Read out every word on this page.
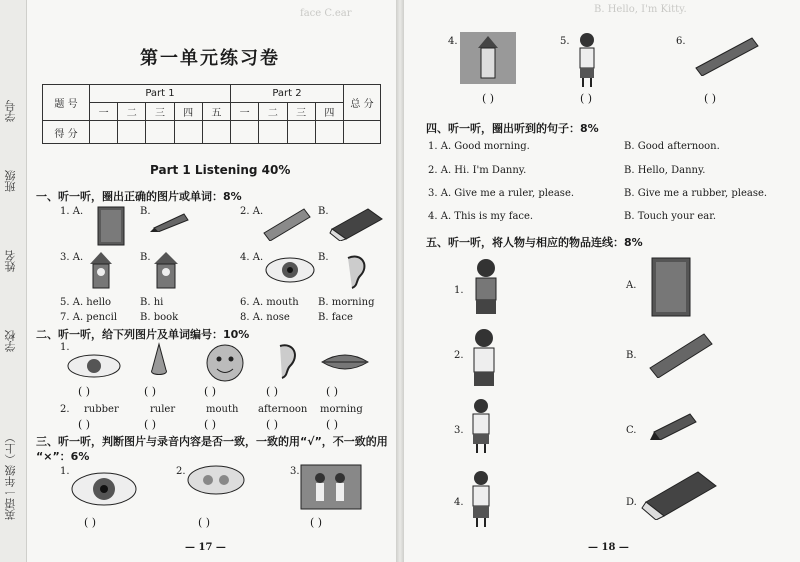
英语一年级（上）
学校
姓名
班级
学号
face C.ear
第一单元练习卷
题 号	Part 1					Part 2				总 分
	一	二	三	四	五	一	二	三	四	
得 分										
Part 1 Listening 40%
一、听一听，圈出正确的图片或单词：8%
1. A.	B.	2. A.	B.
3. A.	B.	4. A.	B.
5. A. hello	B. hi	6. A. mouth B. morning
7. A. pencil B. book	8. A. nose	B. face
二、听一听，给下列图片及单词编号：10%
1.
( )	( )	( )	( )	( )
2. rubber	ruler	mouth afternoon morning
( )	( )	( )	( )	( )
三、听一听，判断图片与录音内容是否一致，一致的用“√”，不一致的用
“×”：6%
1.	2.	3.
( )	( )	( )
— 17 —
B. Hello, I'm Kitty.
4.	5.	6.
( )	( )	( )
四、听一听，圈出听到的句子：8%
1. A. Good morning.	B. Good afternoon.
2. A. Hi. I'm Danny.	B. Hello, Danny.
3. A. Give me a ruler, please.	B. Give me a rubber, please.
4. A. This is my face.	B. Touch your ear.
五、听一听，将人物与相应的物品连线：8%
1.
2.
3.
4.
A.
B.
C.
D.
— 18 —
